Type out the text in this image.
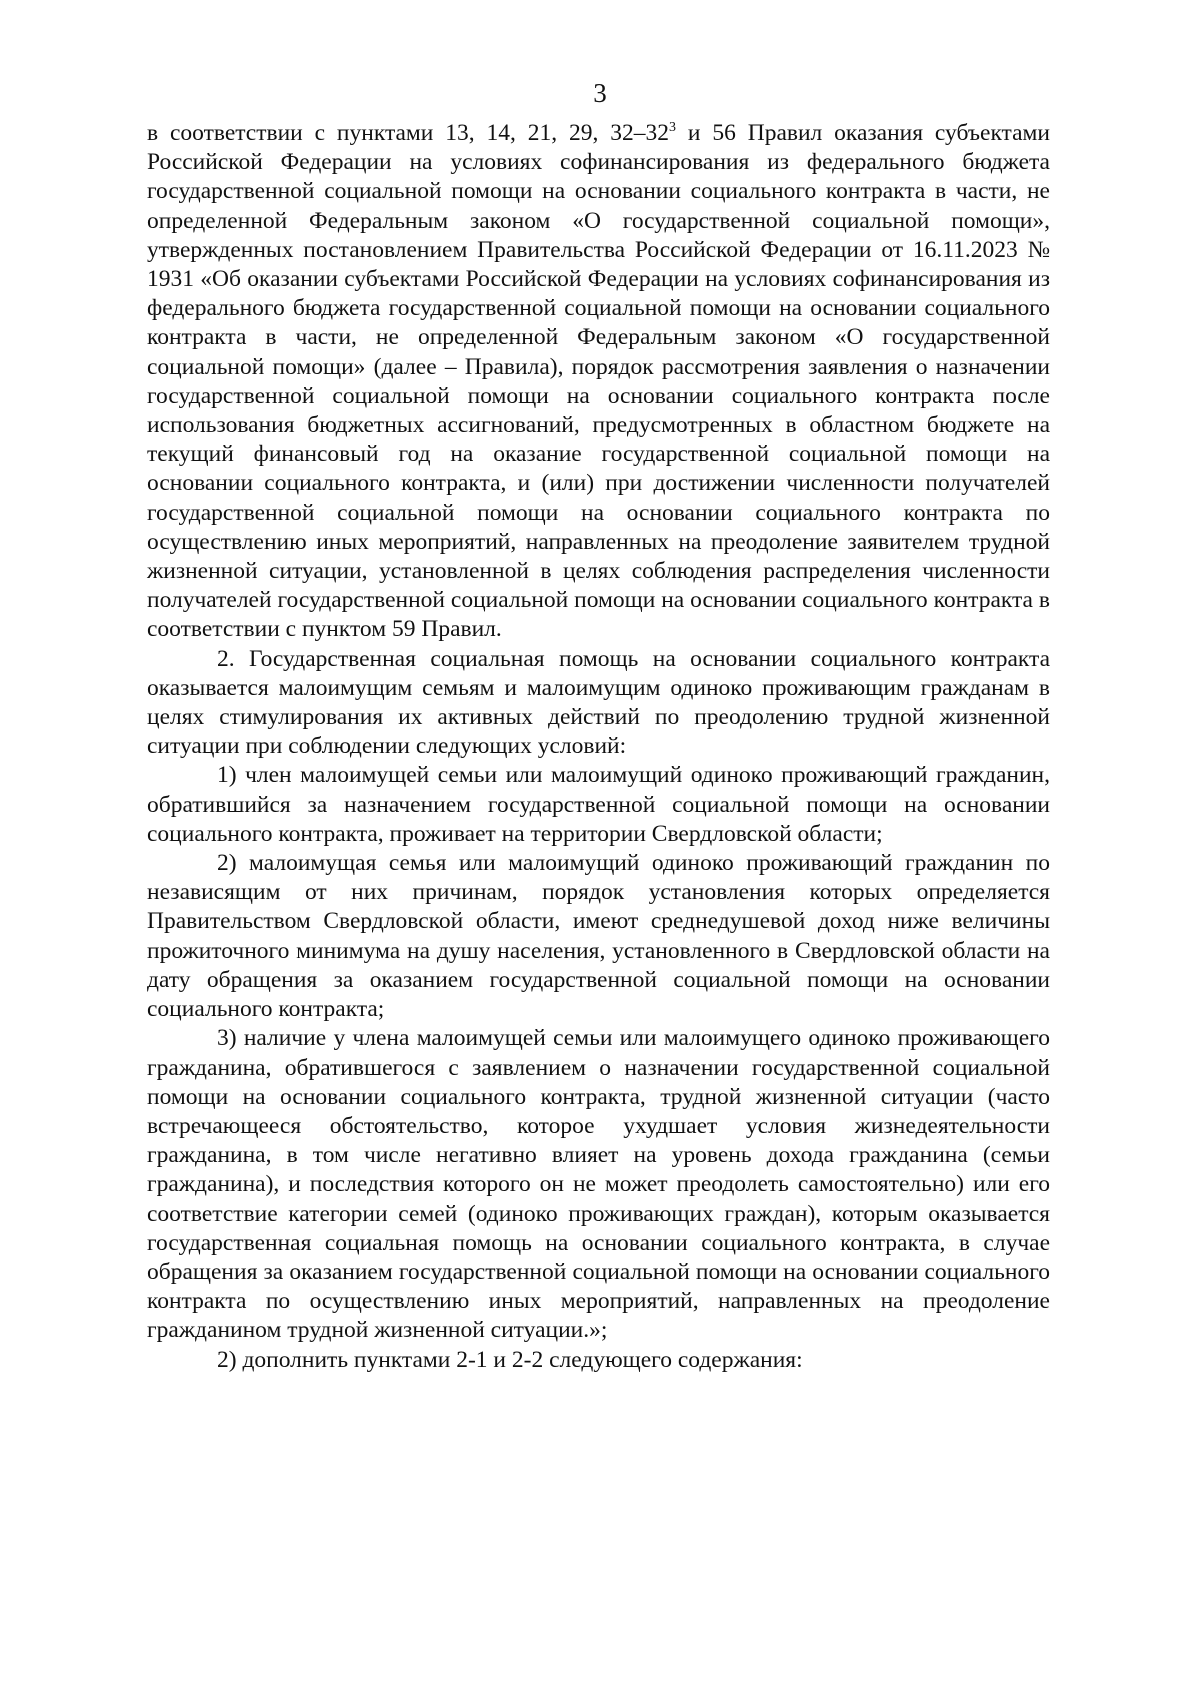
3

в соответствии с пунктами 13, 14, 21, 29, $32-32^3$ и 56 Правил оказания субъектами Российской Федерации на условиях софинансирования из федерального бюджета государственной социальной помощи на основании социального контракта в части, не определенной Федеральным законом «О государственной социальной помощи», утвержденных постановлением Правительства Российской Федерации от 16.11.2023 № 1931 «Об оказании субъектами Российской Федерации на условиях софинансирования из федерального бюджета государственной социальной помощи на основании социального контракта в части, не определенной Федеральным законом «О государственной социальной помощи» (далее – Правила), порядок рассмотрения заявления о назначении государственной социальной помощи на основании социального контракта после использования бюджетных ассигнований, предусмотренных в областном бюджете на текущий финансовый год на оказание государственной социальной помощи на основании социального контракта, и (или) при достижении численности получателей государственной социальной помощи на основании социального контракта по осуществлению иных мероприятий, направленных на преодоление заявителем трудной жизненной ситуации, установленной в целях соблюдения распределения численности получателей государственной социальной помощи на основании социального контракта в соответствии с пунктом 59 Правил.

2. Государственная социальная помощь на основании социального контракта оказывается малоимущим семьям и малоимущим одиноко проживающим гражданам в целях стимулирования их активных действий по преодолению трудной жизненной ситуации при соблюдении следующих условий:

1) член малоимущей семьи или малоимущий одиноко проживающий гражданин, обратившийся за назначением государственной социальной помощи на основании социального контракта, проживает на территории Свердловской области;

2) малоимущая семья или малоимущий одиноко проживающий гражданин по независящим от них причинам, порядок установления которых определяется Правительством Свердловской области, имеют среднедушевой доход ниже величины прожиточного минимума на душу населения, установленного в Свердловской области на дату обращения за оказанием государственной социальной помощи на основании социального контракта;

3) наличие у члена малоимущей семьи или малоимущего одиноко проживающего гражданина, обратившегося с заявлением о назначении государственной социальной помощи на основании социального контракта, трудной жизненной ситуации (часто встречающееся обстоятельство, которое ухудшает условия жизнедеятельности гражданина, в том числе негативно влияет на уровень дохода гражданина (семьи гражданина), и последствия которого он не может преодолеть самостоятельно) или его соответствие категории семей (одиноко проживающих граждан), которым оказывается государственная социальная помощь на основании социального контракта, в случае обращения за оказанием государственной социальной помощи на основании социального контракта по осуществлению иных мероприятий, направленных на преодоление гражданином трудной жизненной ситуации.»;

2) дополнить пунктами 2-1 и 2-2 следующего содержания:
